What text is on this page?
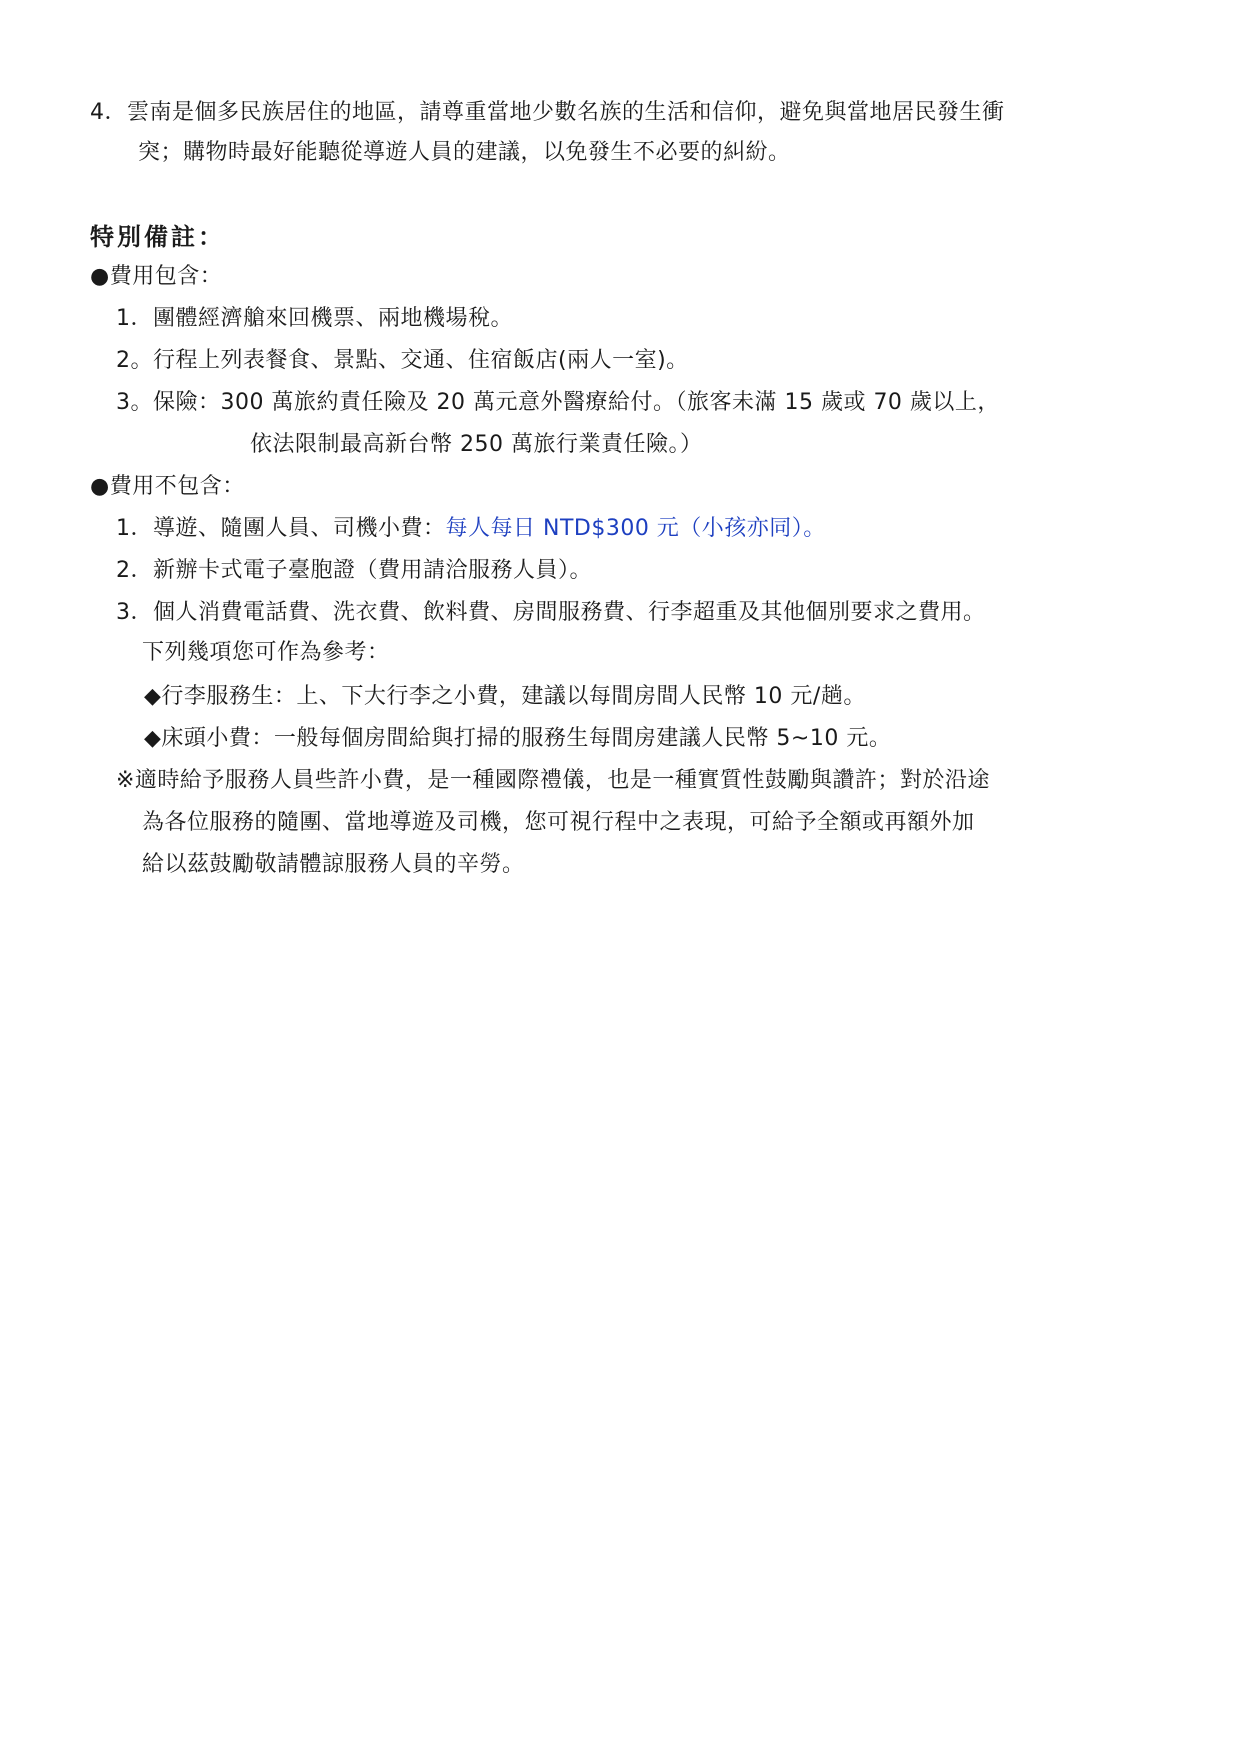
4．雲南是個多民族居住的地區，請尊重當地少數名族的生活和信仰，避免與當地居民發生衝
突；購物時最好能聽從導遊人員的建議，以免發生不必要的糾紛。
特別備註：
●費用包含：
1．團體經濟艙來回機票、兩地機場稅。
2。行程上列表餐食、景點、交通、住宿飯店(兩人一室)。
3。保險：300 萬旅約責任險及 20 萬元意外醫療給付。（旅客未滿 15 歲或 70 歲以上，
依法限制最高新台幣 250 萬旅行業責任險。）
●費用不包含：
1．導遊、隨團人員、司機小費：每人每日 NTD$300 元（小孩亦同）。
2．新辦卡式電子臺胞證（費用請洽服務人員）。
3．個人消費電話費、洗衣費、飲料費、房間服務費、行李超重及其他個別要求之費用。
下列幾項您可作為參考：
◆行李服務生：上、下大行李之小費，建議以每間房間人民幣 10 元/趟。
◆床頭小費：一般每個房間給與打掃的服務生每間房建議人民幣 5~10 元。
※適時給予服務人員些許小費，是一種國際禮儀，也是一種實質性鼓勵與讚許；對於沿途
為各位服務的隨團、當地導遊及司機，您可視行程中之表現，可給予全額或再額外加
給以茲鼓勵敬請體諒服務人員的辛勞。
